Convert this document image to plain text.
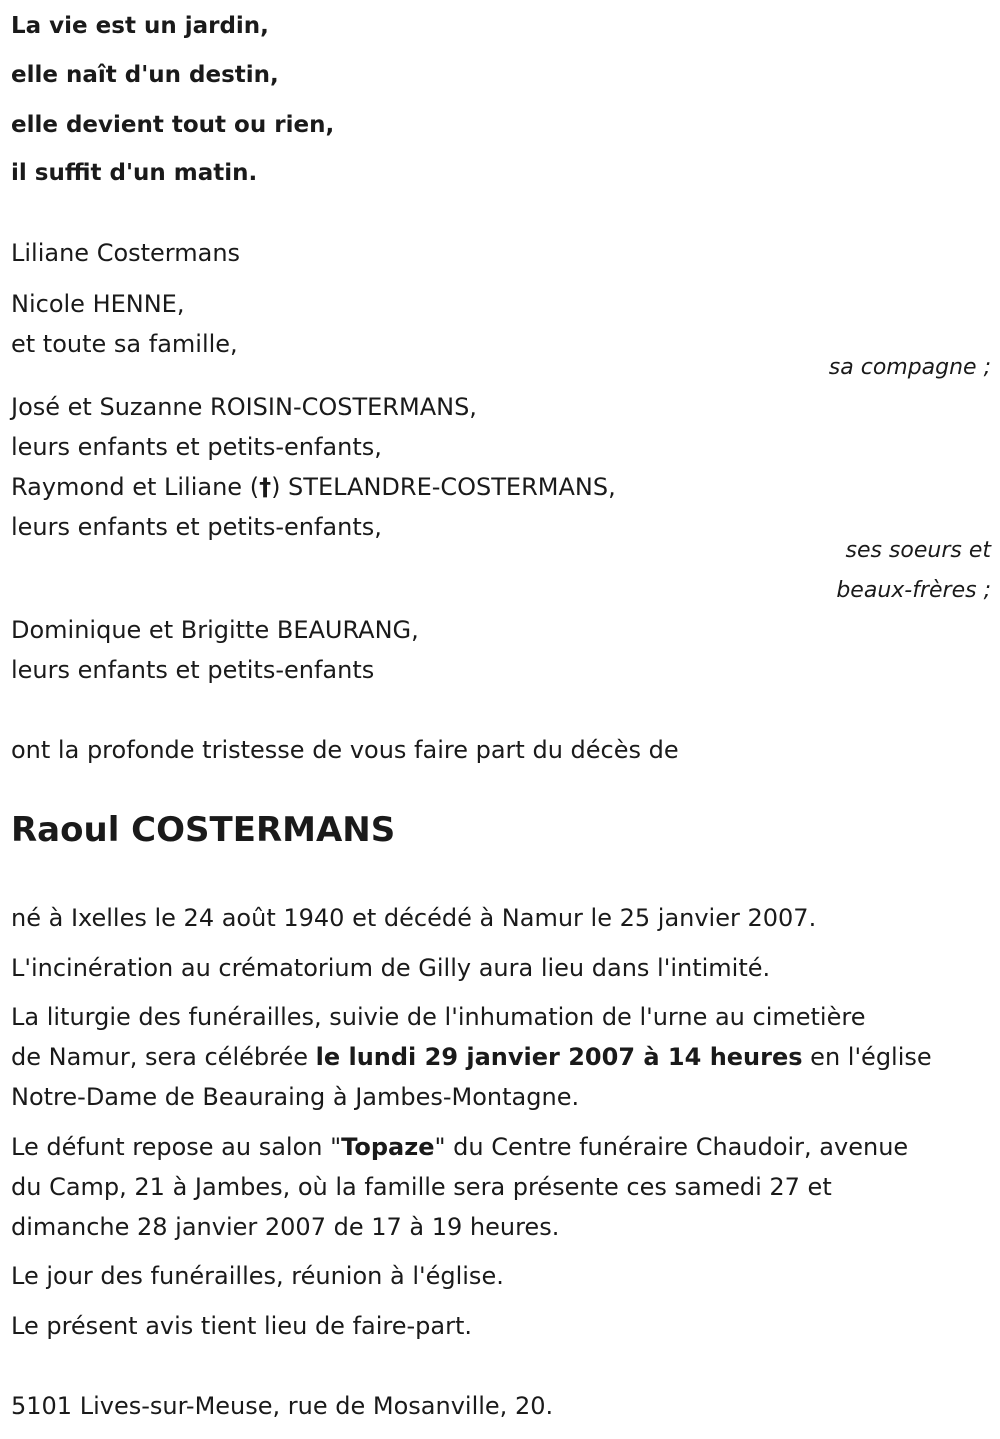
La vie est un jardin,
elle naît d'un destin,
elle devient tout ou rien,
il suffit d'un matin.
Liliane Costermans
Nicole HENNE,
et toute sa famille,
sa compagne ;
José et Suzanne ROISIN-COSTERMANS,
leurs enfants et petits-enfants,
Raymond et Liliane (†) STELANDRE-COSTERMANS,
leurs enfants et petits-enfants,
ses soeurs et
beaux-frères ;
Dominique et Brigitte BEAURANG,
leurs enfants et petits-enfants
ont la profonde tristesse de vous faire part du décès de
Raoul COSTERMANS
né à Ixelles le 24 août 1940 et décédé à Namur le 25 janvier 2007.
L'incinération au crématorium de Gilly aura lieu dans l'intimité.
La liturgie des funérailles, suivie de l'inhumation de l'urne au cimetière
de Namur, sera célébrée le lundi 29 janvier 2007 à 14 heures en l'église
Notre-Dame de Beauraing à Jambes-Montagne.
Le défunt repose au salon "Topaze" du Centre funéraire Chaudoir, avenue
du Camp, 21 à Jambes, où la famille sera présente ces samedi 27 et
dimanche 28 janvier 2007 de 17 à 19 heures.
Le jour des funérailles, réunion à l'église.
Le présent avis tient lieu de faire-part.
5101 Lives-sur-Meuse, rue de Mosanville, 20.
